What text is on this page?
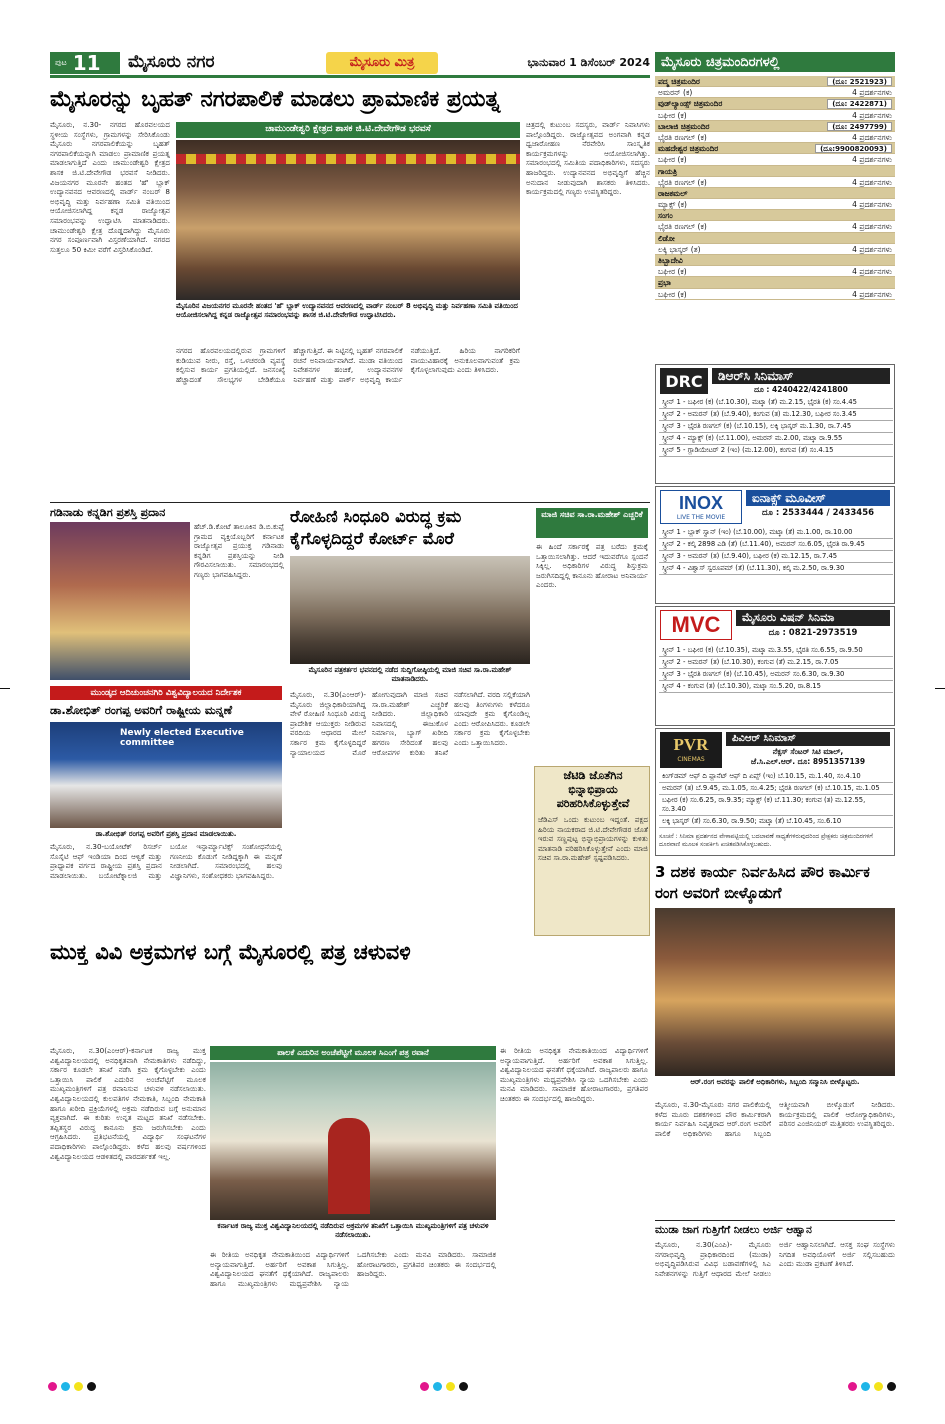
ಪುಟ 11 ಮೈಸೂರು ನಗರ	ಮೈಸೂರು ಮಿತ್ರ	ಭಾನುವಾರ 1 ಡಿಸೆಂಬರ್ 2024
ಮೈಸೂರನ್ನು ಬೃಹತ್ ನಗರಪಾಲಿಕೆ ಮಾಡಲು ಪ್ರಾಮಾಣಿಕ ಪ್ರಯತ್ನ
ಮೈಸೂರು, ನ.30- ನಗರದ ಹೊರವಲಯದ ಸ್ಥಳೀಯ ಸಂಸ್ಥೆಗಳು, ಗ್ರಾಮಗಳನ್ನು ಸೇರಿಸಿಕೊಂಡು ಮೈಸೂರು ನಗರಪಾಲಿಕೆಯನ್ನು ಬೃಹತ್ ನಗರಪಾಲಿಕೆಯನ್ನಾಗಿ ಮಾಡಲು ಪ್ರಾಮಾಣಿಕ ಪ್ರಯತ್ನ ಮಾಡಲಾಗುತ್ತಿದೆ ಎಂದು ಚಾಮುಂಡೇಶ್ವರಿ ಕ್ಷೇತ್ರದ ಶಾಸಕ ಜಿ.ಟಿ.ದೇವೇಗೌಡ ಭರವಸೆ ನೀಡಿದರು. ವಿಜಯನಗರ ಮೂರನೇ ಹಂತದ 'ಹೆ' ಬ್ಲಾಕ್ ಉದ್ಯಾನವನದ ಆವರಣದಲ್ಲಿ ವಾರ್ಡ್ ನಂಬರ್ 8 ಅಭಿವೃದ್ಧಿ ಮತ್ತು ನಿರ್ವಹಣಾ ಸಮಿತಿ ವತಿಯಿಂದ ಆಯೋಜಿಸಲಾಗಿದ್ದ ಕನ್ನಡ ರಾಜ್ಯೋತ್ಸವ ಸಮಾರಂಭವನ್ನು ಉದ್ಘಾಟಿಸಿ ಮಾತನಾಡಿದರು. ಚಾಮುಂಡೇಶ್ವರಿ ಕ್ಷೇತ್ರ ದೊಡ್ಡದಾಗಿದ್ದು ಮೈಸೂರು ನಗರ ಸಂಪೂರ್ಣವಾಗಿ ವಿಸ್ತರಣೆಯಾಗಿದೆ. ನಗರದ ಸುತ್ತಲೂ 50 ಕಿಮೀ ವರೆಗೆ ವಿಸ್ತರಿಸಿಕೊಂಡಿದೆ.
ಚಾಮುಂಡೇಶ್ವರಿ ಕ್ಷೇತ್ರದ ಶಾಸಕ ಜಿ.ಟಿ.ದೇವೇಗೌಡ ಭರವಸೆ
ಮೈಸೂರಿನ ವಿಜಯನಗರ ಮೂರನೇ ಹಂತದ 'ಹೆ' ಬ್ಲಾಕ್ ಉದ್ಯಾನವನದ ಆವರಣದಲ್ಲಿ ವಾರ್ಡ್ ನಂಬರ್ 8 ಅಭಿವೃದ್ಧಿ ಮತ್ತು ನಿರ್ವಹಣಾ ಸಮಿತಿ ವತಿಯಿಂದ ಆಯೋಜಿಸಲಾಗಿದ್ದ ಕನ್ನಡ ರಾಜ್ಯೋತ್ಸವ ಸಮಾರಂಭವನ್ನು ಶಾಸಕ ಜಿ.ಟಿ.ದೇವೇಗೌಡ ಉದ್ಘಾಟಿಸಿದರು.
ಚಿತ್ರದಲ್ಲಿ ಕುಟುಂಬ ಸದಸ್ಯರು, ವಾರ್ಡ್ ನಿವಾಸಿಗಳು ಪಾಲ್ಗೊಂಡಿದ್ದರು. ರಾಜ್ಯೋತ್ಸವದ ಅಂಗವಾಗಿ ಕನ್ನಡ ಧ್ವಜಾರೋಹಣ ನೆರವೇರಿಸಿ ಸಾಂಸ್ಕೃತಿಕ ಕಾರ್ಯಕ್ರಮಗಳನ್ನು ಆಯೋಜಿಸಲಾಗಿತ್ತು. ಸಮಾರಂಭದಲ್ಲಿ ಸಮಿತಿಯ ಪದಾಧಿಕಾರಿಗಳು, ಸದಸ್ಯರು ಹಾಜರಿದ್ದರು. ಉದ್ಯಾನವನದ ಅಭಿವೃದ್ಧಿಗೆ ಹೆಚ್ಚಿನ ಅನುದಾನ ನೀಡುವುದಾಗಿ ಶಾಸಕರು ತಿಳಿಸಿದರು. ಕಾರ್ಯಕ್ರಮದಲ್ಲಿ ಗಣ್ಯರು ಉಪಸ್ಥಿತರಿದ್ದರು.
ನಗರದ ಹೊರವಲಯದಲ್ಲಿರುವ ಗ್ರಾಮಗಳಿಗೆ ಕುಡಿಯುವ ನೀರು, ರಸ್ತೆ, ಒಳಚರಂಡಿ ವ್ಯವಸ್ಥೆ ಕಲ್ಪಿಸುವ ಕಾರ್ಯ ಪ್ರಗತಿಯಲ್ಲಿದೆ. ಜನಸಂಖ್ಯೆ ಹೆಚ್ಚಾದಂತೆ ಸೌಲಭ್ಯಗಳ ಬೇಡಿಕೆಯೂ ಹೆಚ್ಚಾಗುತ್ತಿದೆ. ಈ ನಿಟ್ಟಿನಲ್ಲಿ ಬೃಹತ್ ನಗರಪಾಲಿಕೆ ರಚನೆ ಅನಿವಾರ್ಯವಾಗಿದೆ. ಮುಡಾ ವತಿಯಿಂದ ನಿವೇಶನಗಳ ಹಂಚಿಕೆ, ಉದ್ಯಾನವನಗಳ ನಿರ್ವಹಣೆ ಮತ್ತು ಪಾರ್ಕ್ ಅಭಿವೃದ್ಧಿ ಕಾರ್ಯ ನಡೆಯುತ್ತಿದೆ. ಹಿರಿಯ ನಾಗರಿಕರಿಗೆ ವಾಯುವಿಹಾರಕ್ಕೆ ಅನುಕೂಲವಾಗುವಂತೆ ಕ್ರಮ ಕೈಗೊಳ್ಳಲಾಗುವುದು ಎಂದು ತಿಳಿಸಿದರು.
ಗಡಿನಾಡು ಕನ್ನಡಿಗ ಪ್ರಶಸ್ತಿ ಪ್ರದಾನ
ಹೆಚ್.ಡಿ.ಕೋಟೆ ತಾಲೂಕಿನ ಡಿ.ಬಿ.ಕುಪ್ಪೆ ಗ್ರಾಮದ ವ್ಯಕ್ತಿಯೊಬ್ಬರಿಗೆ ಕರ್ನಾಟಕ ರಾಜ್ಯೋತ್ಸವ ಪ್ರಯುಕ್ತ ಗಡಿನಾಡು ಕನ್ನಡಿಗ ಪ್ರಶಸ್ತಿಯನ್ನು ನೀಡಿ ಗೌರವಿಸಲಾಯಿತು. ಸಮಾರಂಭದಲ್ಲಿ ಗಣ್ಯರು ಭಾಗವಹಿಸಿದ್ದರು.
ಮುಂಡ್ಕದ ಆದಿಚುಂಚನಗಿರಿ ವಿಶ್ವವಿದ್ಯಾಲಯದ ನಿರ್ದೇಶಕ
ಡಾ.ಶೋಭಿತ್ ರಂಗಪ್ಪ ಅವರಿಗೆ ರಾಷ್ಟ್ರೀಯ ಮನ್ನಣೆ
Newly elected Executive committee
ಡಾ.ಶೋಭಿತ್ ರಂಗಪ್ಪ ಅವರಿಗೆ ಪ್ರಶಸ್ತಿ ಪ್ರದಾನ ಮಾಡಲಾಯಿತು.
ಮೈಸೂರು, ನ.30-ಬಯೋಟೆಕ್ ರಿಸರ್ಚ್ ಸೊಸೈಟಿ ಆಫ್ ಇಂಡಿಯಾ ದಿಂದ ಆಳ್ವಿಕೆ ಮತ್ತು ಪ್ರಾಧ್ಯಾಪಕ ವರ್ಗದ ರಾಷ್ಟ್ರೀಯ ಪ್ರಶಸ್ತಿ ಪ್ರದಾನ ಮಾಡಲಾಯಿತು. ಬಯೋಟೆಕ್ನಾಲಜಿ ಮತ್ತು ಬಯೋ ಇನ್ಫಾರ್ಮ್ಯಾಟಿಕ್ಸ್ ಸಂಶೋಧನೆಯಲ್ಲಿ ಗಣನೀಯ ಕೊಡುಗೆ ನೀಡಿದ್ದಕ್ಕಾಗಿ ಈ ಮನ್ನಣೆ ನೀಡಲಾಗಿದೆ. ಸಮಾರಂಭದಲ್ಲಿ ಹಲವು ವಿಜ್ಞಾನಿಗಳು, ಸಂಶೋಧಕರು ಭಾಗವಹಿಸಿದ್ದರು.
ರೋಹಿಣಿ ಸಿಂಧೂರಿ ವಿರುದ್ಧ ಕ್ರಮ ಕೈಗೊಳ್ಳದಿದ್ದರೆ ಕೋರ್ಟ್ ಮೊರೆ
ಮಾಜಿ ಸಚಿವ ಸಾ.ರಾ.ಮಹೇಶ್ ಎಚ್ಚರಿಕೆ
ಮೈಸೂರಿನ ಪತ್ರಕರ್ತರ ಭವನದಲ್ಲಿ ನಡೆದ ಸುದ್ದಿಗೋಷ್ಠಿಯಲ್ಲಿ ಮಾಜಿ ಸಚಿವ ಸಾ.ರಾ.ಮಹೇಶ್ ಮಾತನಾಡಿದರು.
ಮೈಸೂರು, ನ.30(ಎಂಆರ್)- ಮೈಸೂರು ಜಿಲ್ಲಾಧಿಕಾರಿಯಾಗಿದ್ದ ವೇಳೆ ರೋಹಿಣಿ ಸಿಂಧೂರಿ ವಿರುದ್ಧ ಪ್ರಾದೇಶಿಕ ಆಯುಕ್ತರು ನೀಡಿರುವ ವರದಿಯ ಆಧಾರದ ಮೇಲೆ ಸರ್ಕಾರ ಕ್ರಮ ಕೈಗೊಳ್ಳದಿದ್ದರೆ ನ್ಯಾಯಾಲಯದ ಮೊರೆ ಹೋಗುವುದಾಗಿ ಮಾಜಿ ಸಚಿವ ಸಾ.ರಾ.ಮಹೇಶ್ ಎಚ್ಚರಿಕೆ ನೀಡಿದರು. ಜಿಲ್ಲಾಧಿಕಾರಿ ನಿವಾಸದಲ್ಲಿ ಈಜುಕೊಳ ನಿರ್ಮಾಣ, ಬ್ಯಾಗ್ ಖರೀದಿ ಹಗರಣ ಸೇರಿದಂತೆ ಹಲವು ಆರೋಪಗಳ ಕುರಿತು ತನಿಖೆ ನಡೆಸಲಾಗಿದೆ. ವರದಿ ಸಲ್ಲಿಕೆಯಾಗಿ ಹಲವು ತಿಂಗಳುಗಳು ಕಳೆದರೂ ಯಾವುದೇ ಕ್ರಮ ಕೈಗೊಂಡಿಲ್ಲ ಎಂದು ಆರೋಪಿಸಿದರು. ಕೂಡಲೇ ಸರ್ಕಾರ ಕ್ರಮ ಕೈಗೊಳ್ಳಬೇಕು ಎಂದು ಒತ್ತಾಯಿಸಿದರು.
ಈ ಹಿಂದೆ ಸರ್ಕಾರಕ್ಕೆ ಪತ್ರ ಬರೆದು ಕ್ರಮಕ್ಕೆ ಒತ್ತಾಯಿಸಲಾಗಿತ್ತು. ಆದರೆ ಇದುವರೆಗೂ ಸ್ಪಂದನೆ ಸಿಕ್ಕಿಲ್ಲ. ಅಧಿಕಾರಿಗಳ ವಿರುದ್ಧ ಶಿಸ್ತುಕ್ರಮ ಜರುಗಿಸದಿದ್ದಲ್ಲಿ ಕಾನೂನು ಹೋರಾಟ ಅನಿವಾರ್ಯ ಎಂದರು.
ಜೆಟಿಡಿ ಜೊತೆಗಿನ ಭಿನ್ನಾಭಿಪ್ರಾಯ ಪರಿಹರಿಸಿಕೊಳ್ಳುತ್ತೇವೆ
ಜೆಡಿಎಸ್ ಒಂದು ಕುಟುಂಬ ಇದ್ದಂತೆ. ಪಕ್ಷದ ಹಿರಿಯ ನಾಯಕರಾದ ಜಿ.ಟಿ.ದೇವೇಗೌಡರ ಜೊತೆ ಇರುವ ಸಣ್ಣಪುಟ್ಟ ಭಿನ್ನಾಭಿಪ್ರಾಯಗಳನ್ನು ಕುಳಿತು ಮಾತನಾಡಿ ಪರಿಹರಿಸಿಕೊಳ್ಳುತ್ತೇವೆ ಎಂದು ಮಾಜಿ ಸಚಿವ ಸಾ.ರಾ.ಮಹೇಶ್ ಸ್ಪಷ್ಟಪಡಿಸಿದರು.
ಮುಕ್ತ ವಿವಿ ಅಕ್ರಮಗಳ ಬಗ್ಗೆ ಮೈಸೂರಲ್ಲಿ ಪತ್ರ ಚಳುವಳಿ
ಮೈಸೂರು, ನ.30(ಎಂಆರ್)-ಕರ್ನಾಟಕ ರಾಜ್ಯ ಮುಕ್ತ ವಿಶ್ವವಿದ್ಯಾನಿಲಯದಲ್ಲಿ ಅನಧಿಕೃತವಾಗಿ ನೇಮಕಾತಿಗಳು ನಡೆದಿದ್ದು, ಸರ್ಕಾರ ಕೂಡಲೇ ತನಿಖೆ ನಡೆಸಿ ಕ್ರಮ ಕೈಗೊಳ್ಳಬೇಕು ಎಂದು ಒತ್ತಾಯಿಸಿ ಪಾಲಿಕೆ ಎದುರಿನ ಅಂಚೆಪೆಟ್ಟಿಗೆ ಮೂಲಕ ಮುಖ್ಯಮಂತ್ರಿಗಳಿಗೆ ಪತ್ರ ರವಾನಿಸುವ ಚಳುವಳಿ ನಡೆಸಲಾಯಿತು. ವಿಶ್ವವಿದ್ಯಾನಿಲಯದಲ್ಲಿ ಕುಲಪತಿಗಳ ನೇಮಕಾತಿ, ಸಿಬ್ಬಂದಿ ನೇಮಕಾತಿ ಹಾಗೂ ಖರೀದಿ ಪ್ರಕ್ರಿಯೆಗಳಲ್ಲಿ ಅಕ್ರಮ ನಡೆದಿರುವ ಬಗ್ಗೆ ಅನುಮಾನ ವ್ಯಕ್ತವಾಗಿದೆ. ಈ ಕುರಿತು ಉನ್ನತ ಮಟ್ಟದ ತನಿಖೆ ನಡೆಸಬೇಕು. ತಪ್ಪಿತಸ್ಥರ ವಿರುದ್ಧ ಕಾನೂನು ಕ್ರಮ ಜರುಗಿಸಬೇಕು ಎಂದು ಆಗ್ರಹಿಸಿದರು. ಪ್ರತಿಭಟನೆಯಲ್ಲಿ ವಿದ್ಯಾರ್ಥಿ ಸಂಘಟನೆಗಳ ಪದಾಧಿಕಾರಿಗಳು ಪಾಲ್ಗೊಂಡಿದ್ದರು. ಕಳೆದ ಹಲವು ವರ್ಷಗಳಿಂದ ವಿಶ್ವವಿದ್ಯಾನಿಲಯದ ಆಡಳಿತದಲ್ಲಿ ಪಾರದರ್ಶಕತೆ ಇಲ್ಲ.
ಪಾಲಕೆ ಎದುರಿನ ಅಂಚೆಪೆಟ್ಟಿಗೆ ಮೂಲಕ ಸಿಎಂಗೆ ಪತ್ರ ರವಾನೆ
ಕರ್ನಾಟಕ ರಾಜ್ಯ ಮುಕ್ತ ವಿಶ್ವವಿದ್ಯಾನಿಲಯದಲ್ಲಿ ನಡೆದಿರುವ ಅಕ್ರಮಗಳ ತನಿಖೆಗೆ ಒತ್ತಾಯಿಸಿ ಮುಖ್ಯಮಂತ್ರಿಗಳಿಗೆ ಪತ್ರ ಚಳುವಳಿ ನಡೆಸಲಾಯಿತು.
ಈ ರೀತಿಯ ಅನಧಿಕೃತ ನೇಮಕಾತಿಯಿಂದ ವಿದ್ಯಾರ್ಥಿಗಳಿಗೆ ಅನ್ಯಾಯವಾಗುತ್ತಿದೆ. ಅರ್ಹರಿಗೆ ಅವಕಾಶ ಸಿಗುತ್ತಿಲ್ಲ. ವಿಶ್ವವಿದ್ಯಾನಿಲಯದ ಘನತೆಗೆ ಧಕ್ಕೆಯಾಗಿದೆ. ರಾಜ್ಯಪಾಲರು ಹಾಗೂ ಮುಖ್ಯಮಂತ್ರಿಗಳು ಮಧ್ಯಪ್ರವೇಶಿಸಿ ನ್ಯಾಯ ಒದಗಿಸಬೇಕು ಎಂದು ಮನವಿ ಮಾಡಿದರು. ಸಾಮಾಜಿಕ ಹೋರಾಟಗಾರರು, ಪ್ರಗತಿಪರ ಚಿಂತಕರು ಈ ಸಂದರ್ಭದಲ್ಲಿ ಹಾಜರಿದ್ದರು.
ಈ ರೀತಿಯ ಅನಧಿಕೃತ ನೇಮಕಾತಿಯಿಂದ ವಿದ್ಯಾರ್ಥಿಗಳಿಗೆ ಅನ್ಯಾಯವಾಗುತ್ತಿದೆ. ಅರ್ಹರಿಗೆ ಅವಕಾಶ ಸಿಗುತ್ತಿಲ್ಲ. ವಿಶ್ವವಿದ್ಯಾನಿಲಯದ ಘನತೆಗೆ ಧಕ್ಕೆಯಾಗಿದೆ. ರಾಜ್ಯಪಾಲರು ಹಾಗೂ ಮುಖ್ಯಮಂತ್ರಿಗಳು ಮಧ್ಯಪ್ರವೇಶಿಸಿ ನ್ಯಾಯ ಒದಗಿಸಬೇಕು ಎಂದು ಮನವಿ ಮಾಡಿದರು. ಸಾಮಾಜಿಕ ಹೋರಾಟಗಾರರು, ಪ್ರಗತಿಪರ ಚಿಂತಕರು ಈ ಸಂದರ್ಭದಲ್ಲಿ ಹಾಜರಿದ್ದರು.
ಮೈಸೂರು ಚಿತ್ರಮಂದಿರಗಳಲ್ಲಿ
ಪದ್ಮ ಚಿತ್ರಮಂದಿರ	(ದೂ: 2521923)
ಅಮರನ್ (ಕ)	4 ಪ್ರದರ್ಶನಗಳು
ವುಡ್‌ಲ್ಯಾಂಡ್ಸ್ ಚಿತ್ರಮಂದಿರ	(ದೂ: 2422871)
ಬಘೀರ (ಕ)	4 ಪ್ರದರ್ಶನಗಳು
ಬಾಲಾಜಿ ಚಿತ್ರಮಂದಿರ	(ದೂ: 2497799)
ಭೈರತಿ ರಣಗಲ್ (ಕ)	4 ಪ್ರದರ್ಶನಗಳು
ಮಹದೇಶ್ವರ ಚಿತ್ರಮಂದಿರ	(ದೂ:9900820093)
ಬಘೀರ (ಕ)	4 ಪ್ರದರ್ಶನಗಳು
ಗಾಯತ್ರಿ
ಭೈರತಿ ರಣಗಲ್ (ಕ)	4 ಪ್ರದರ್ಶನಗಳು
ರಾಜಕಮಲ್
ಮ್ಯಾಕ್ಸ್ (ಕ)	4 ಪ್ರದರ್ಶನಗಳು
ಸಂಗಂ
ಭೈರತಿ ರಣಗಲ್ (ಕ)	4 ಪ್ರದರ್ಶನಗಳು
ಲಿಡೋ
ಲಕ್ಕಿ ಭಾಸ್ಕರ್ (ತ)	4 ಪ್ರದರ್ಶನಗಳು
ತಿಬ್ಬಾದೇವಿ
ಬಘೀರ (ಕ)	4 ಪ್ರದರ್ಶನಗಳು
ಪ್ರಭಾ
ಬಘೀರ (ಕ)	4 ಪ್ರದರ್ಶನಗಳು
DRC	ಡಿಆರ್‌ಸಿ ಸಿನಿಮಾಸ್
ದೂ : 4240422/4241800
ಸ್ಕ್ರೀನ್ 1 - ಬಘೀರ (ಕ) (ಬೆ.10.30), ಮಟ್ಕಾ (ತೆ) ಮ.2.15, ಭೈರತಿ (ಕ) ಸಂ.4.45
ಸ್ಕ್ರೀನ್ 2 - ಅಮರನ್ (ತ) (ಬೆ.9.40), ಕಂಗುವ (ತ) ಮ.12.30, ಬಘೀರ ಸಂ.3.45
ಸ್ಕ್ರೀನ್ 3 - ಭೈರತಿ ರಣಗಲ್ (ಕ) (ಬೆ.10.15), ಲಕ್ಕಿ ಭಾಸ್ಕರ್ ಮ.1.30, ರಾ.7.45
ಸ್ಕ್ರೀನ್ 4 - ಮ್ಯಾಕ್ಸ್ (ಕ) (ಬೆ.11.00), ಅಮರನ್ ಮ.2.00, ಮಟ್ಕಾ ರಾ.9.55
ಸ್ಕ್ರೀನ್ 5 - ಗ್ಲಾಡಿಯೇಟರ್ 2 (ಇಂ) (ಮ.12.00), ಕಂಗುವ (ತೆ) ಸಂ.4.15
INOX
LIVE THE MOVIE
ಐನಾಕ್ಸ್ ಮೂವೀಸ್
ದೂ : 2533444 / 2433456
ಸ್ಕ್ರೀನ್ 1 - ಬ್ಲಾಕ್ ಸ್ವಾನ್ (ಇಂ) (ಬೆ.10.00), ಮಟ್ಕಾ (ತೆ) ಮ.1.00, ರಾ.10.00
ಸ್ಕ್ರೀನ್ 2 - ಕಲ್ಕಿ 2898 ಎಡಿ (ತೆ) (ಬೆ.11.40), ಅಮರನ್ ಸಂ.6.05, ಭೈರತಿ ರಾ.9.45
ಸ್ಕ್ರೀನ್ 3 - ಅಮರನ್ (ತ) (ಬೆ.9.40), ಬಘೀರ (ಕ) ಮ.12.15, ರಾ.7.45
ಸ್ಕ್ರೀನ್ 4 - ವಿಶ್ವಾಸ್ ಸ್ವರೂಪಮ್ (ತೆ) (ಬೆ.11.30), ಕಲ್ಕಿ ಮ.2.50, ರಾ.9.30
MVC	ಮೈಸೂರು ವಿಷನ್ ಸಿನಿಮಾ
ದೂ : 0821-2973519
ಸ್ಕ್ರೀನ್ 1 - ಬಘೀರ (ಕ) (ಬೆ.10.35), ಮಟ್ಕಾ ಮ.3.55, ಭೈರತಿ ಸಂ.6.55, ರಾ.9.50
ಸ್ಕ್ರೀನ್ 2 - ಅಮರನ್ (ತ) (ಬೆ.10.30), ಕಂಗುವ (ತೆ) ಮ.2.15, ರಾ.7.05
ಸ್ಕ್ರೀನ್ 3 - ಭೈರತಿ ರಣಗಲ್ (ಕ) (ಬೆ.10.45), ಅಮರನ್ ಸಂ.6.30, ರಾ.9.30
ಸ್ಕ್ರೀನ್ 4 - ಕಂಗುವ (ತ) (ಬೆ.10.30), ಮಟ್ಕಾ ಸಂ.5.20, ರಾ.8.15
PVR
CINEMAS
ಪಿವಿಆರ್ ಸಿನಿಮಾಸ್
ನೆಕ್ಸಸ್ ಸೆಂಟರ್ ಸಿಟಿ ಮಾಲ್,
ಜೆ.ಸಿ.ಎಲ್.ಆರ್. ದೂ: 8951357139
ಕಿಂಗ್‌ಡಮ್ ಆಫ್ ದಿ ಪ್ಲಾನೆಟ್ ಆಫ್ ದಿ ಏಪ್ಸ್ (ಇಂ) ಬೆ.10.15, ಮ.1.40, ಸಂ.4.10
ಅಮರನ್ (ತ) ಬೆ.9.45, ಮ.1.05, ಸಂ.4.25; ಭೈರತಿ ರಣಗಲ್ (ಕ) ಬೆ.10.15, ಮ.1.05
ಬಘೀರ (ಕ) ಸಂ.6.25, ರಾ.9.35; ಮ್ಯಾಕ್ಸ್ (ಕ) ಬೆ.11.30; ಕಂಗುವ (ತ) ಮ.12.55, ಸಂ.3.40
ಲಕ್ಕಿ ಭಾಸ್ಕರ್ (ತೆ) ಸಂ.6.30, ರಾ.9.50; ಮಟ್ಕಾ (ತೆ) ಬೆ.10.45, ಸಂ.6.10
ಸೂಚನೆ : ಸಿನಿಮಾ ಪ್ರದರ್ಶನದ ವೇಳಾಪಟ್ಟಿಯಲ್ಲಿ ಬದಲಾವಣೆ ಸಾಧ್ಯತೆಗಳಿರುವುದರಿಂದ ಪ್ರೇಕ್ಷಕರು ಚಿತ್ರಮಂದಿರಗಳಿಗೆ ದೂರವಾಣಿ ಮೂಲಕ ಸಂಪರ್ಕಿಸಿ ಖಚಿತಪಡಿಸಿಕೊಳ್ಳಬಹುದು.
3 ದಶಕ ಕಾರ್ಯ ನಿರ್ವಹಿಸಿದ ಪೌರ ಕಾರ್ಮಿಕ ರಂಗ ಅವರಿಗೆ ಬೀಳ್ಕೊಡುಗೆ
ಆರ್.ರಂಗ ಅವರನ್ನು ಪಾಲಿಕೆ ಅಧಿಕಾರಿಗಳು, ಸಿಬ್ಬಂದಿ ಸನ್ಮಾನಿಸಿ ಬೀಳ್ಕೊಟ್ಟರು.
ಮೈಸೂರು, ನ.30-ಮೈಸೂರು ನಗರ ಪಾಲಿಕೆಯಲ್ಲಿ ಕಳೆದ ಮೂರು ದಶಕಗಳಿಂದ ಪೌರ ಕಾರ್ಮಿಕರಾಗಿ ಕಾರ್ಯ ನಿರ್ವಹಿಸಿ ನಿವೃತ್ತರಾದ ಆರ್.ರಂಗ ಅವರಿಗೆ ಪಾಲಿಕೆ ಅಧಿಕಾರಿಗಳು ಹಾಗೂ ಸಿಬ್ಬಂದಿ ಆತ್ಮೀಯವಾಗಿ ಬೀಳ್ಕೊಡುಗೆ ನೀಡಿದರು. ಕಾರ್ಯಕ್ರಮದಲ್ಲಿ ಪಾಲಿಕೆ ಆರೋಗ್ಯಾಧಿಕಾರಿಗಳು, ಪರಿಸರ ಎಂಜಿನಿಯರ್ ಮತ್ತಿತರರು ಉಪಸ್ಥಿತರಿದ್ದರು.
ಮುಡಾ ಜಾಗ ಗುತ್ತಿಗೆಗೆ ನೀಡಲು ಅರ್ಜಿ ಆಹ್ವಾನ
ಮೈಸೂರು, ನ.30(ಎಂಪಿ)- ಮೈಸೂರು ನಗರಾಭಿವೃದ್ಧಿ ಪ್ರಾಧಿಕಾರದಿಂದ (ಮುಡಾ) ಅಭಿವೃದ್ಧಿಪಡಿಸಿರುವ ವಿವಿಧ ಬಡಾವಣೆಗಳಲ್ಲಿ ಸಿಎ ನಿವೇಶನಗಳನ್ನು ಗುತ್ತಿಗೆ ಆಧಾರದ ಮೇಲೆ ನೀಡಲು ಅರ್ಜಿ ಆಹ್ವಾನಿಸಲಾಗಿದೆ. ಆಸಕ್ತ ಸಂಘ ಸಂಸ್ಥೆಗಳು ನಿಗದಿತ ಅವಧಿಯೊಳಗೆ ಅರ್ಜಿ ಸಲ್ಲಿಸಬಹುದು ಎಂದು ಮುಡಾ ಪ್ರಕಟಣೆ ತಿಳಿಸಿದೆ.
